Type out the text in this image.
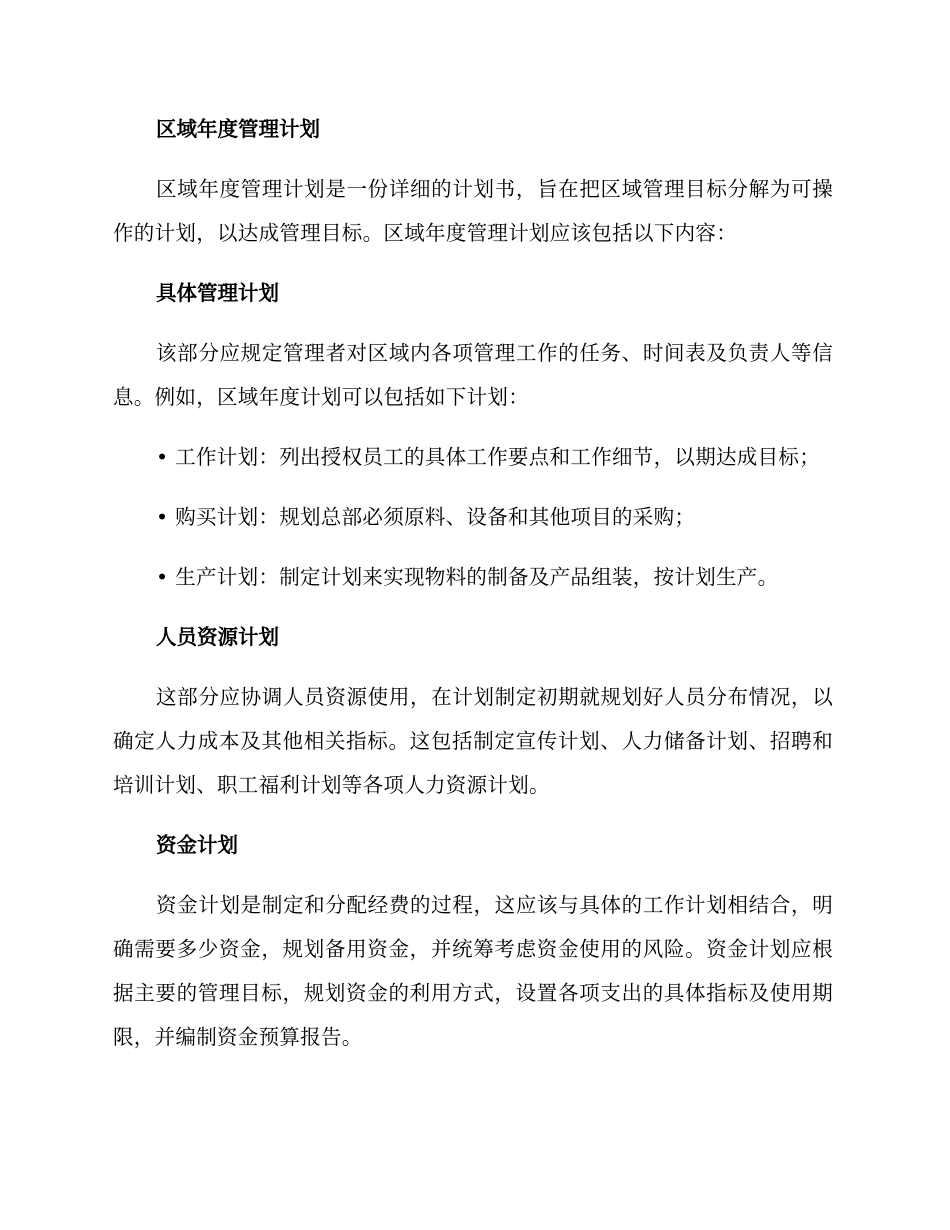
区域年度管理计划
区域年度管理计划是一份详细的计划书，旨在把区域管理目标分解为可操作的计划，以达成管理目标。区域年度管理计划应该包括以下内容：
具体管理计划
该部分应规定管理者对区域内各项管理工作的任务、时间表及负责人等信息。例如，区域年度计划可以包括如下计划：
• 工作计划：列出授权员工的具体工作要点和工作细节，以期达成目标；
• 购买计划：规划总部必须原料、设备和其他项目的采购；
• 生产计划：制定计划来实现物料的制备及产品组装，按计划生产。
人员资源计划
这部分应协调人员资源使用，在计划制定初期就规划好人员分布情况，以确定人力成本及其他相关指标。这包括制定宣传计划、人力储备计划、招聘和培训计划、职工福利计划等各项人力资源计划。
资金计划
资金计划是制定和分配经费的过程，这应该与具体的工作计划相结合，明确需要多少资金，规划备用资金，并统筹考虑资金使用的风险。资金计划应根据主要的管理目标，规划资金的利用方式，设置各项支出的具体指标及使用期限，并编制资金预算报告。
